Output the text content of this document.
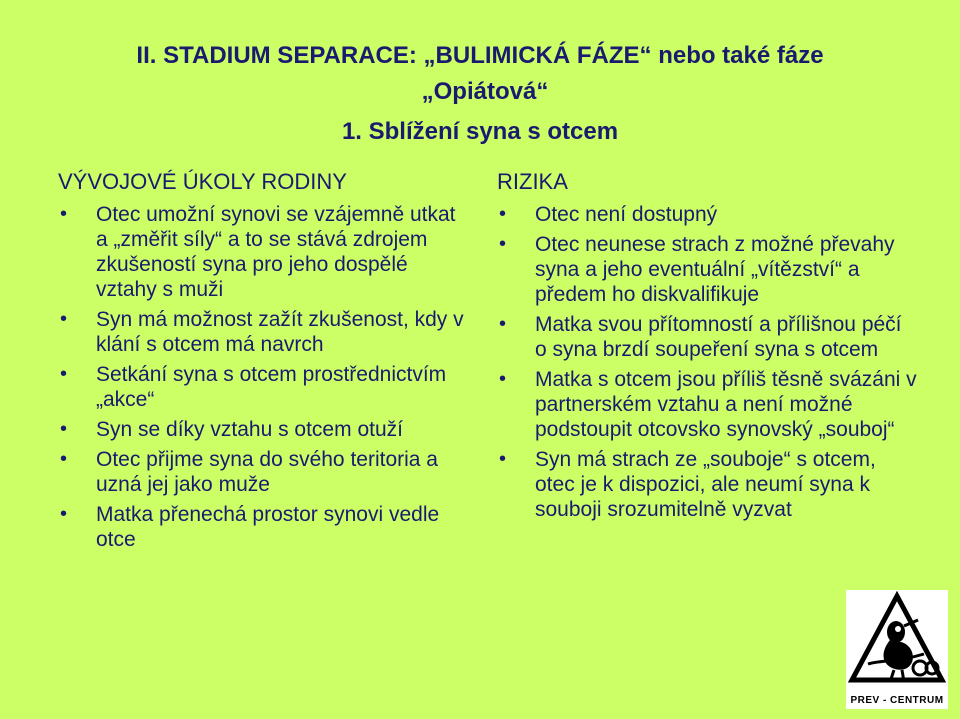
II. STADIUM SEPARACE: „BULIMICKÁ FÁZE“ nebo také fáze
„Opiátová“
1. Sblížení syna s otcem
VÝVOJOVÉ ÚKOLY RODINY
• Otec umožní synovi se vzájemně utkat a „změřit síly“ a to se stává zdrojem zkušeností syna pro jeho dospělé vztahy s muži
• Syn má možnost zažít zkušenost, kdy v klání s otcem má navrch
• Setkání syna s otcem prostřednictvím „akce“
• Syn se díky vztahu s otcem otuží
• Otec přijme syna do svého teritoria a uzná jej jako muže
• Matka přenechá prostor synovi vedle otce
RIZIKA
• Otec není dostupný
• Otec neunese strach z možné převahy syna a jeho eventuální „vítězství“ a předem ho diskvalifikuje
• Matka svou přítomností a přílišnou péčí o syna brzdí soupeření syna s otcem
• Matka s otcem jsou příliš těsně svázáni v partnerském vztahu a není možné podstoupit otcovsko synovský „souboj“
• Syn má strach ze „souboje“ s otcem, otec je k dispozici, ale neumí syna k souboji srozumitelně vyzvat
PREV - CENTRUM
